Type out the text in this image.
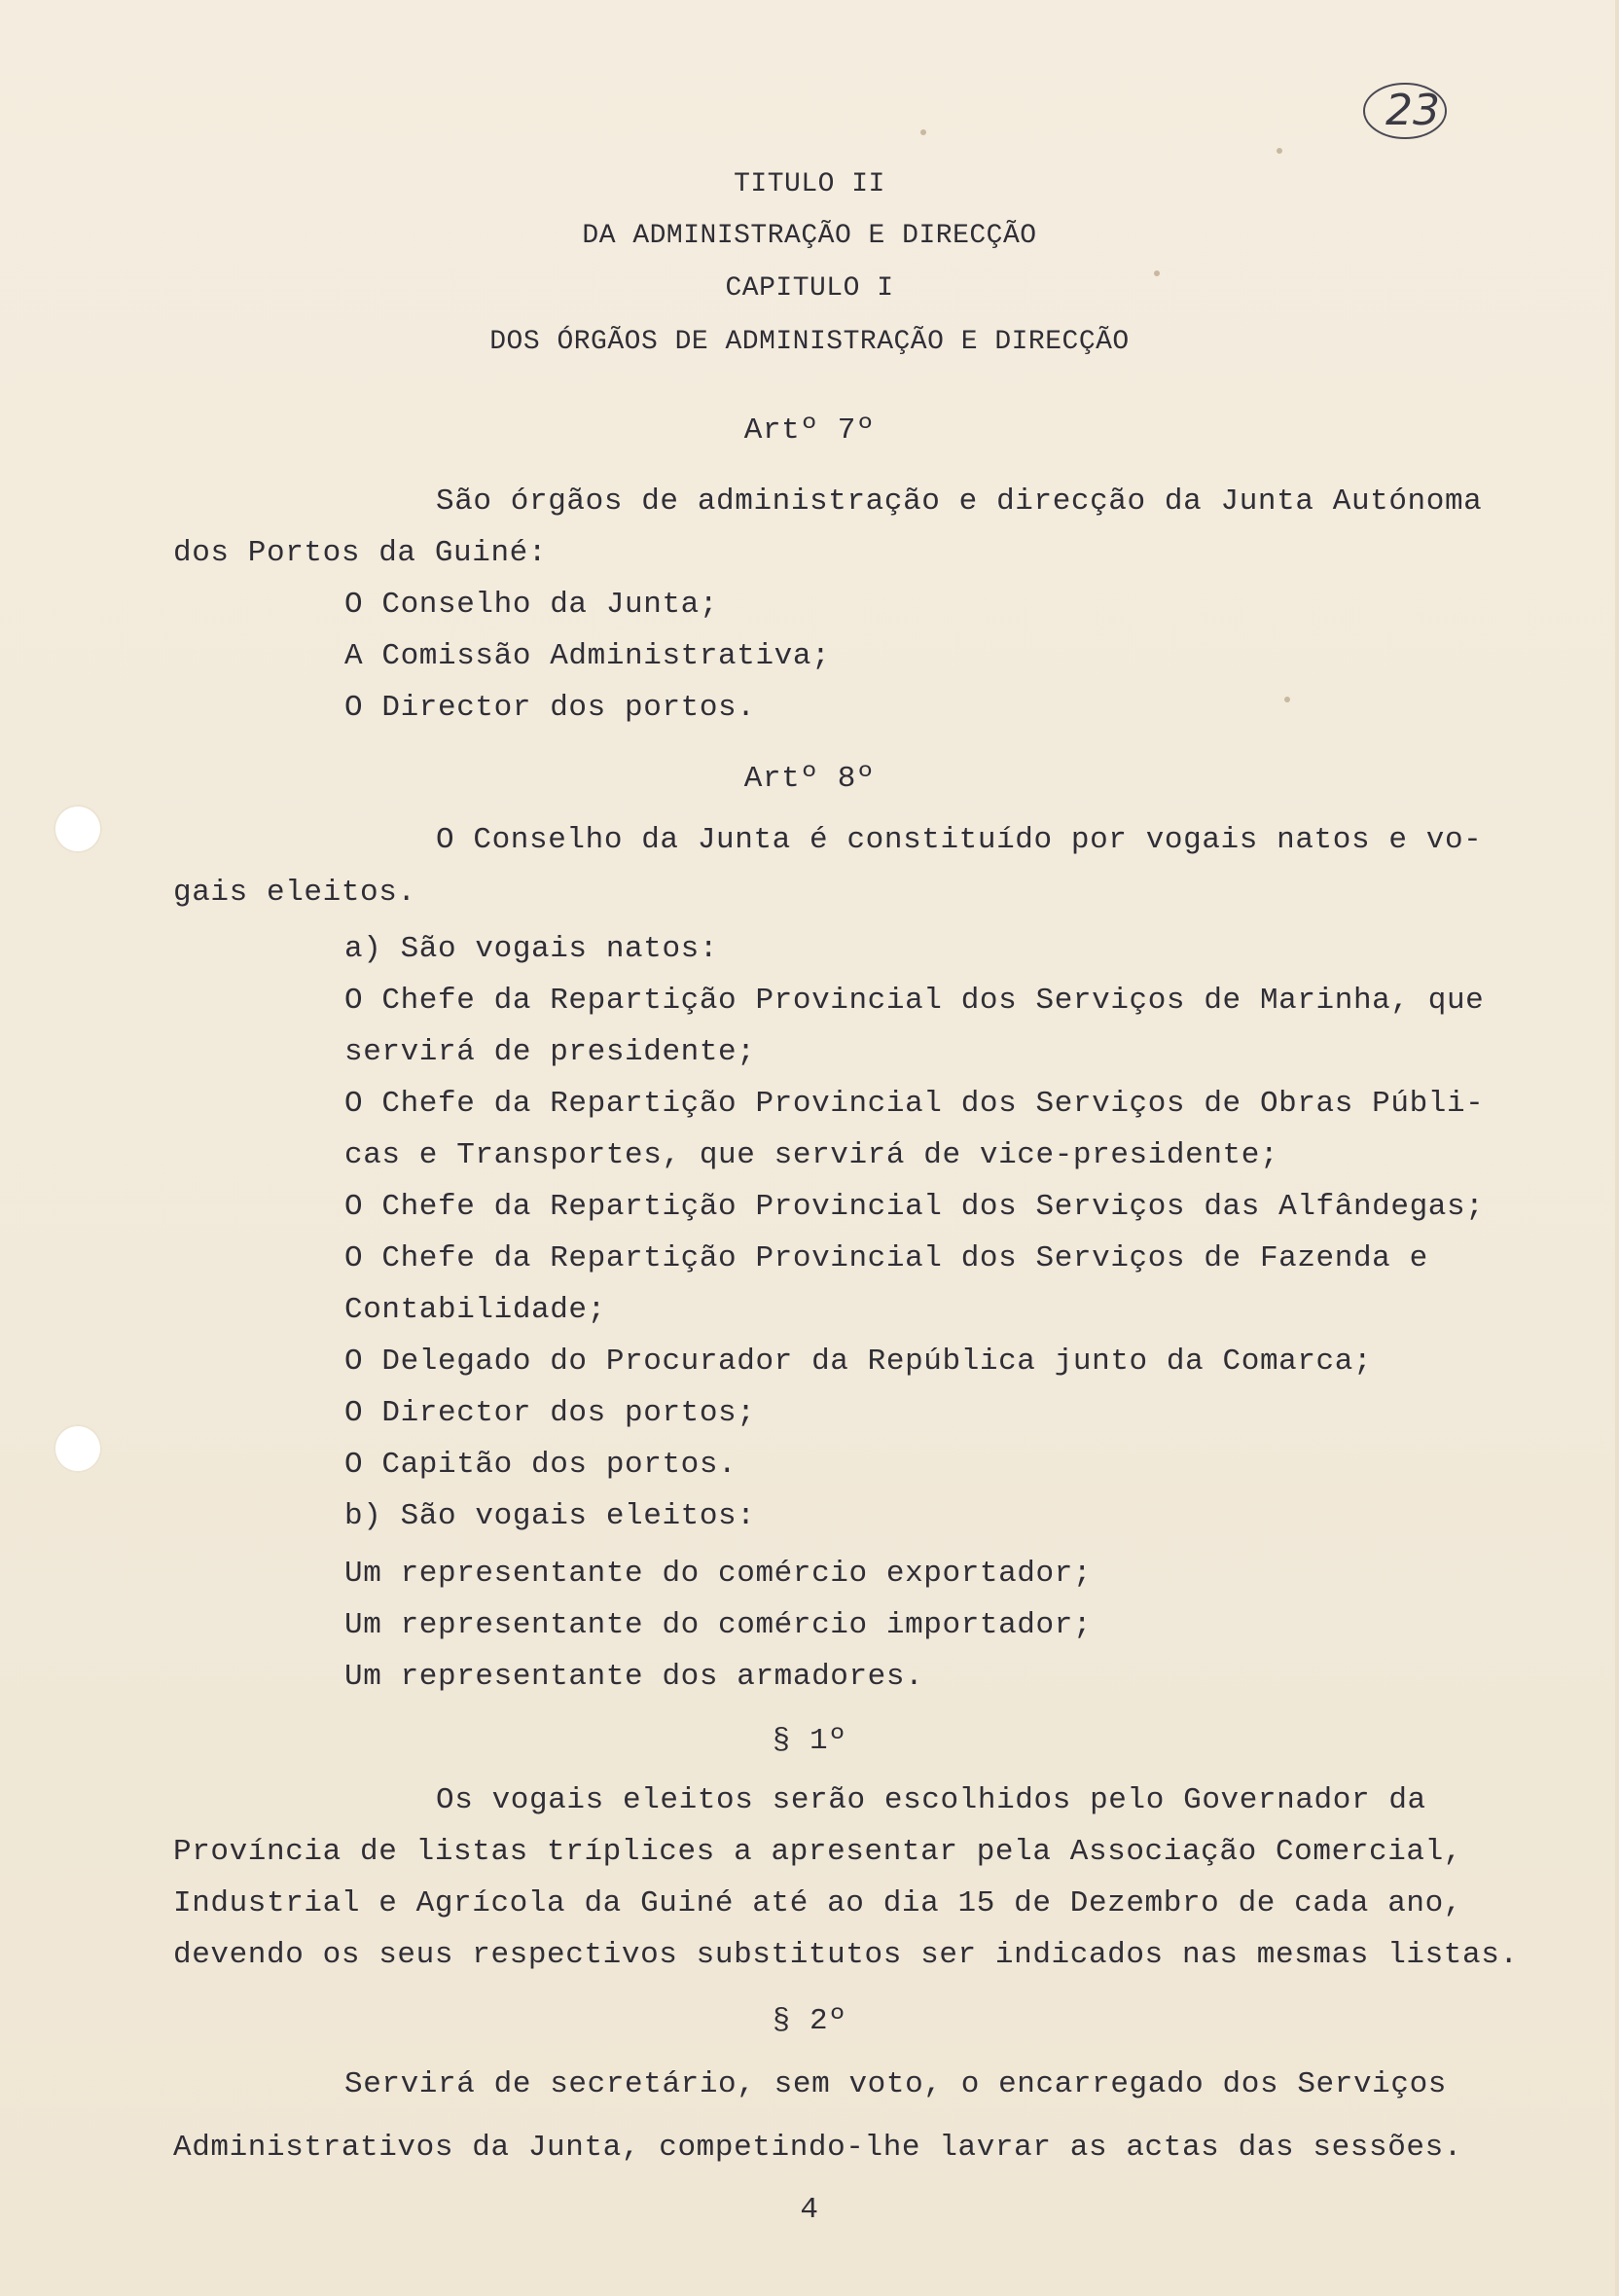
23
TITULO II
DA ADMINISTRAÇÃO E DIRECÇÃO
CAPITULO I
DOS ÓRGÃOS DE ADMINISTRAÇÃO E DIRECÇÃO
Artº 7º
São órgãos de administração e direcção da Junta Autónoma
dos Portos da Guiné:
O Conselho da Junta;
A Comissão Administrativa;
O Director dos portos.
Artº 8º
O Conselho da Junta é constituído por vogais natos e vo-
gais eleitos.
a) São vogais natos:
O Chefe da Repartição Provincial dos Serviços de Marinha, que
servirá de presidente;
O Chefe da Repartição Provincial dos Serviços de Obras Públi-
cas e Transportes, que servirá de vice-presidente;
O Chefe da Repartição Provincial dos Serviços das Alfândegas;
O Chefe da Repartição Provincial dos Serviços de Fazenda e
Contabilidade;
O Delegado do Procurador da República junto da Comarca;
O Director dos portos;
O Capitão dos portos.
b) São vogais eleitos:
Um representante do comércio exportador;
Um representante do comércio importador;
Um representante dos armadores.
§ 1º
Os vogais eleitos serão escolhidos pelo Governador da
Província de listas tríplices a apresentar pela Associação Comercial,
Industrial e Agrícola da Guiné até ao dia 15 de Dezembro de cada ano,
devendo os seus respectivos substitutos ser indicados nas mesmas listas.
§ 2º
Servirá de secretário, sem voto, o encarregado dos Serviços
Administrativos da Junta, competindo-lhe lavrar as actas das sessões.
4
